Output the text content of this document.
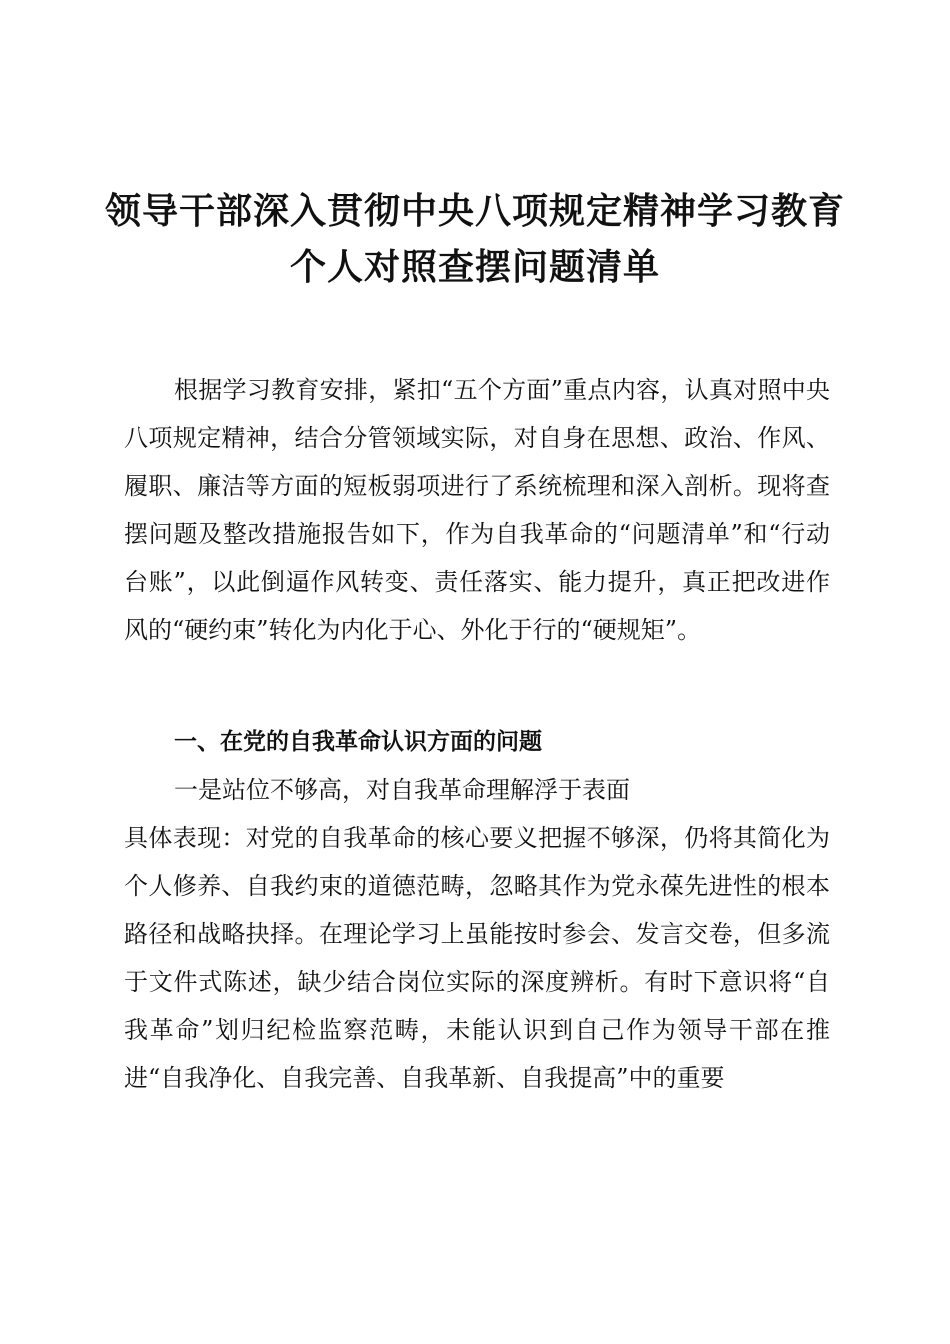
领导干部深入贯彻中央八项规定精神学习教育
个人对照查摆问题清单
根据学习教育安排，紧扣“五个方面”重点内容，认真对照中央八项规定精神，结合分管领域实际，对自身在思想、政治、作风、履职、廉洁等方面的短板弱项进行了系统梳理和深入剖析。现将查摆问题及整改措施报告如下，作为自我革命的“问题清单”和“行动台账”，以此倒逼作风转变、责任落实、能力提升，真正把改进作风的“硬约束”转化为内化于心、外化于行的“硬规矩”。
一、在党的自我革命认识方面的问题
一是站位不够高，对自我革命理解浮于表面
具体表现：对党的自我革命的核心要义把握不够深，仍将其简化为个人修养、自我约束的道德范畴，忽略其作为党永葆先进性的根本路径和战略抉择。在理论学习上虽能按时参会、发言交卷，但多流于文件式陈述，缺少结合岗位实际的深度辨析。有时下意识将“自我革命”划归纪检监察范畴，未能认识到自己作为领导干部在推进“自我净化、自我完善、自我革新、自我提高”中的重要
